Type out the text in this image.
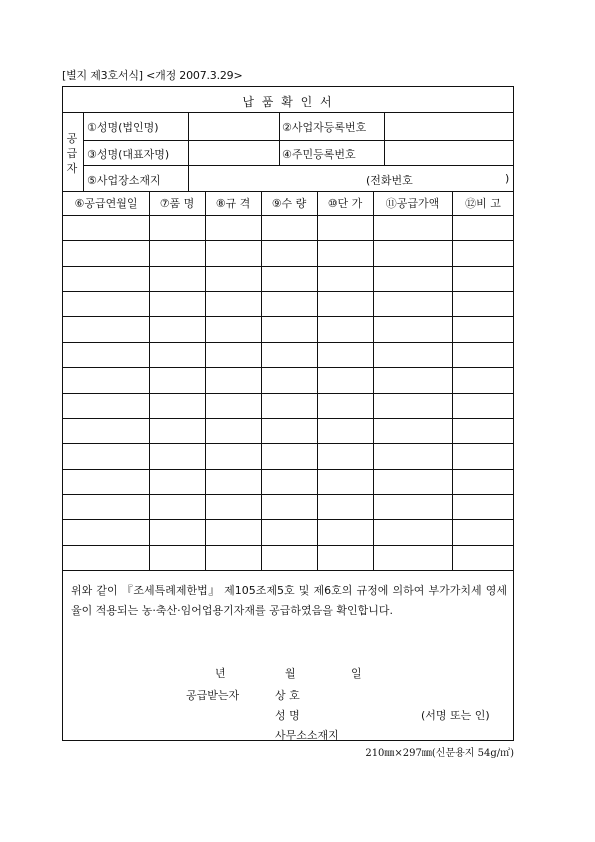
[별지 제3호서식] <개정 2007.3.29>
납 품 확 인 서
공급자
①성명(법인명)	②사업자등록번호
③성명(대표자명)	④주민등록번호
⑤사업장소재지	(전화번호	)
⑥공급연월일	⑦품 명	⑧규 격	⑨수 량	⑩단 가	⑪공급가액	⑫비 고
위와 같이 『조세특례제한법』 제105조제5호 및 제6호의 규정에 의하여 부가가치세 영세율이 적용되는 농·축산·임어업용기자재를 공급하였음을 확인합니다.
년	월	일
공급받는자	상 호
성 명	(서명 또는 인)
사무소소재지
210㎜×297㎜(신문용지 54g/㎡)
